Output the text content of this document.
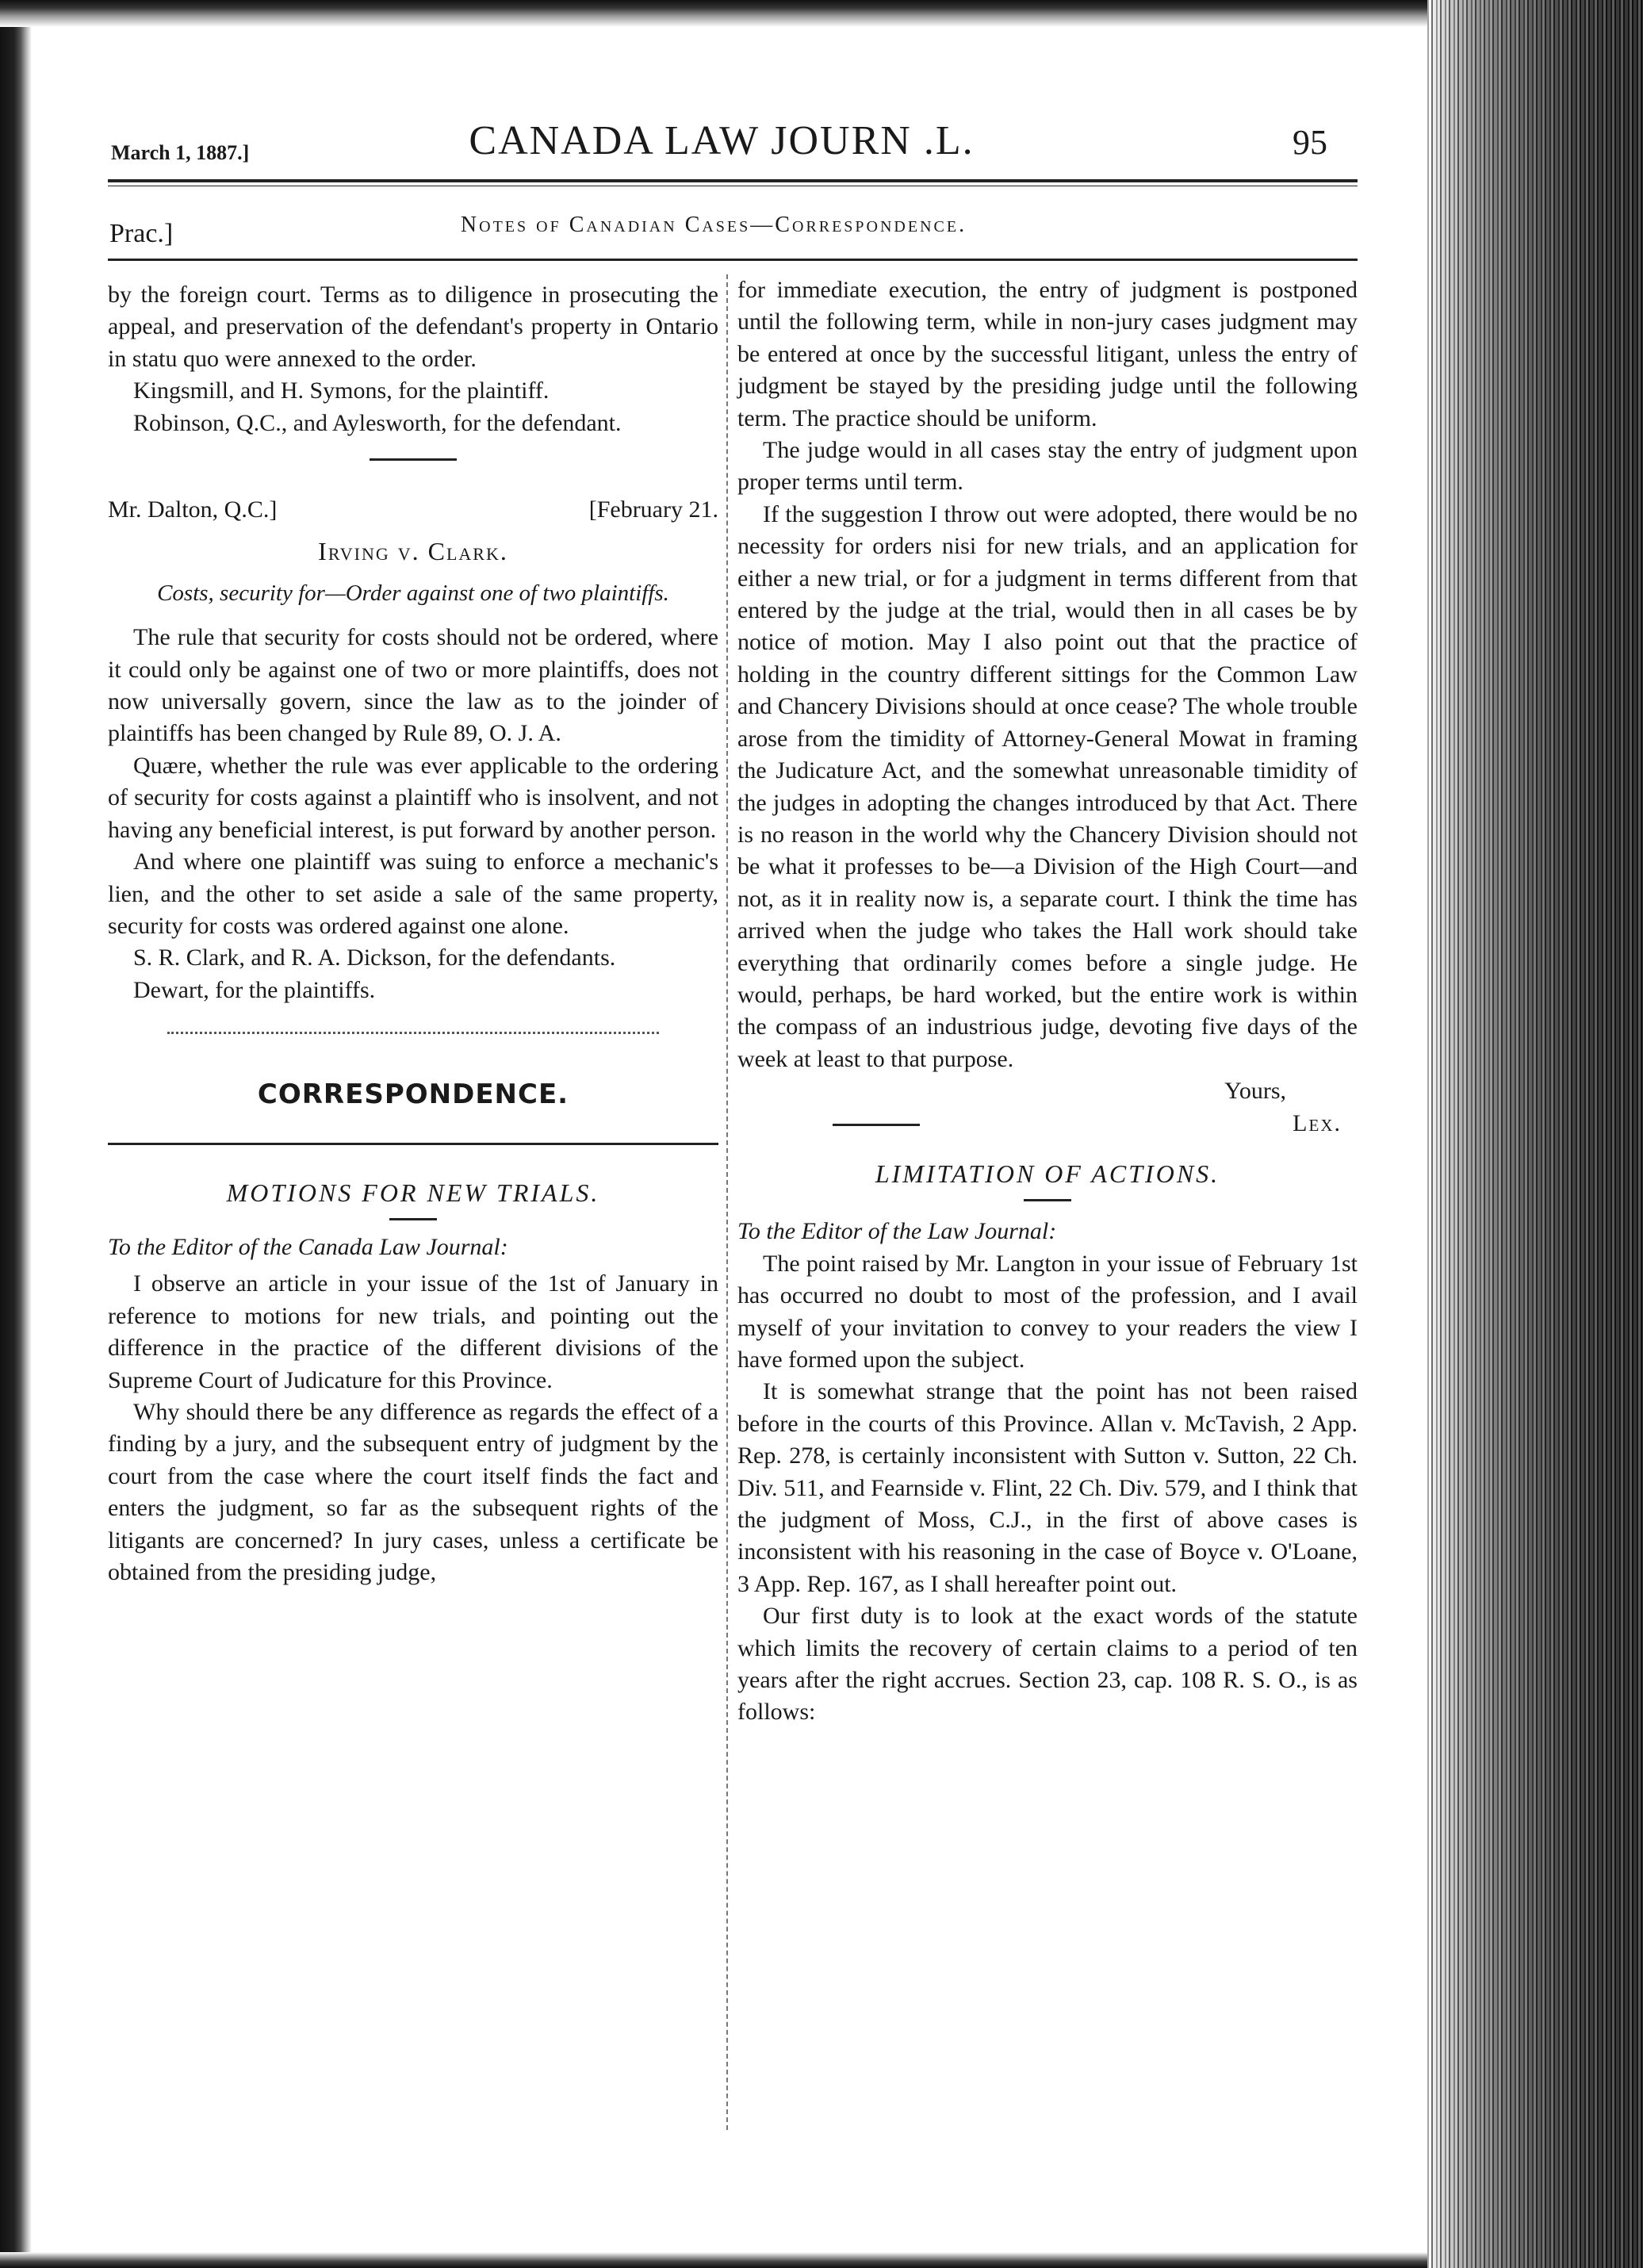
March 1, 1887.]	CANADA LAW JOURN .L.	95
Prac.]	Notes of Canadian Cases—Correspondence.

by the foreign court. Terms as to diligence in prosecuting the appeal, and preservation of the defendant's property in Ontario in statu quo were annexed to the order.

Kingsmill, and H. Symons, for the plaintiff.

Robinson, Q.C., and Aylesworth, for the defendant.

Mr. Dalton, Q.C.]	[February 21.
Irving v. Clark.
Costs, security for—Order against one of two plaintiffs.

The rule that security for costs should not be ordered, where it could only be against one of two or more plaintiffs, does not now universally govern, since the law as to the joinder of plaintiffs has been changed by Rule 89, O. J. A.

Quære, whether the rule was ever applicable to the ordering of security for costs against a plaintiff who is insolvent, and not having any beneficial interest, is put forward by another person.

And where one plaintiff was suing to enforce a mechanic's lien, and the other to set aside a sale of the same property, security for costs was ordered against one alone.

S. R. Clark, and R. A. Dickson, for the defendants.

Dewart, for the plaintiffs.

CORRESPONDENCE.
MOTIONS FOR NEW TRIALS.

To the Editor of the Canada Law Journal:

I observe an article in your issue of the 1st of January in reference to motions for new trials, and pointing out the difference in the practice of the different divisions of the Supreme Court of Judicature for this Province.

Why should there be any difference as regards the effect of a finding by a jury, and the subsequent entry of judgment by the court from the case where the court itself finds the fact and enters the judgment, so far as the subsequent rights of the litigants are concerned? In jury cases, unless a certificate be obtained from the presiding judge,

for immediate execution, the entry of judgment is postponed until the following term, while in non-jury cases judgment may be entered at once by the successful litigant, unless the entry of judgment be stayed by the presiding judge until the following term. The practice should be uniform.

The judge would in all cases stay the entry of judgment upon proper terms until term.

If the suggestion I throw out were adopted, there would be no necessity for orders nisi for new trials, and an application for either a new trial, or for a judgment in terms different from that entered by the judge at the trial, would then in all cases be by notice of motion. May I also point out that the practice of holding in the country different sittings for the Common Law and Chancery Divisions should at once cease? The whole trouble arose from the timidity of Attorney-General Mowat in framing the Judicature Act, and the somewhat unreasonable timidity of the judges in adopting the changes introduced by that Act. There is no reason in the world why the Chancery Division should not be what it professes to be—a Division of the High Court—and not, as it in reality now is, a separate court. I think the time has arrived when the judge who takes the Hall work should take everything that ordinarily comes before a single judge. He would, perhaps, be hard worked, but the entire work is within the compass of an industrious judge, devoting five days of the week at least to that purpose.

Yours,
Lex.
LIMITATION OF ACTIONS.

To the Editor of the Law Journal:

The point raised by Mr. Langton in your issue of February 1st has occurred no doubt to most of the profession, and I avail myself of your invitation to convey to your readers the view I have formed upon the subject.

It is somewhat strange that the point has not been raised before in the courts of this Province. Allan v. McTavish, 2 App. Rep. 278, is certainly inconsistent with Sutton v. Sutton, 22 Ch. Div. 511, and Fearnside v. Flint, 22 Ch. Div. 579, and I think that the judgment of Moss, C.J., in the first of above cases is inconsistent with his reasoning in the case of Boyce v. O'Loane, 3 App. Rep. 167, as I shall hereafter point out.

Our first duty is to look at the exact words of the statute which limits the recovery of certain claims to a period of ten years after the right accrues. Section 23, cap. 108 R. S. O., is as follows:
